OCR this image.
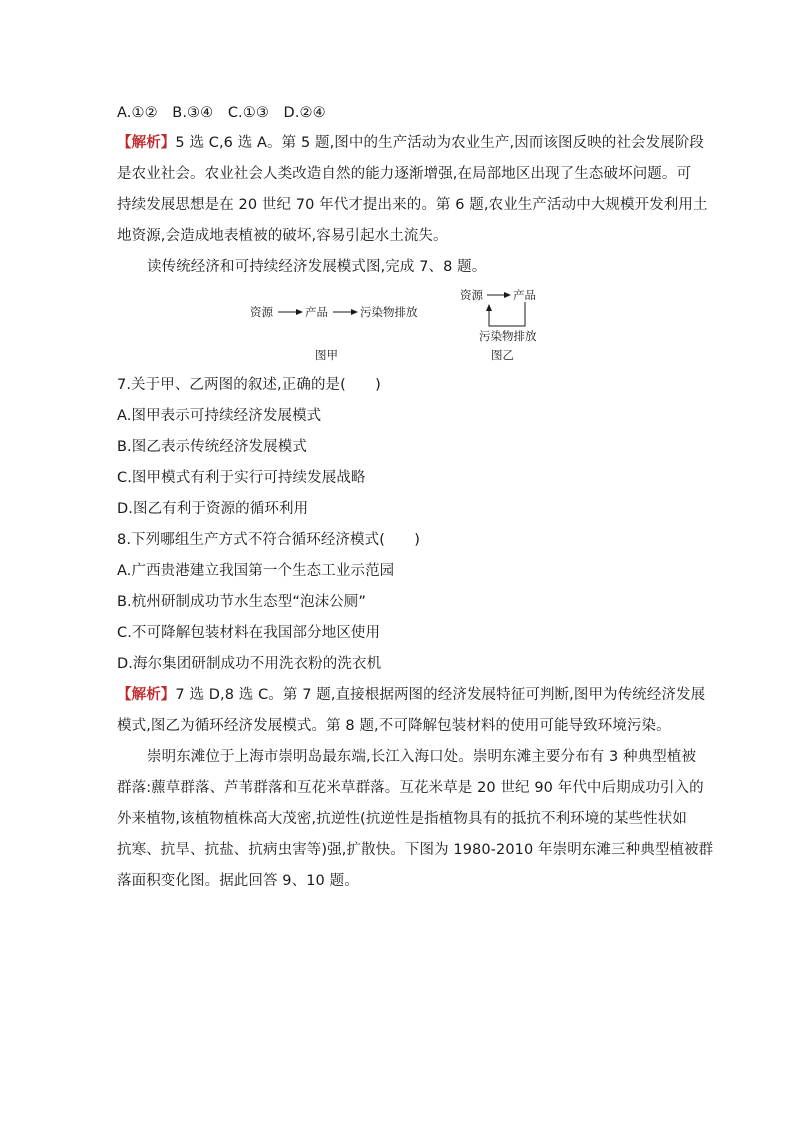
A.①②　B.③④　C.①③　D.②④
【解析】5 选 C,6 选 A。第 5 题,图中的生产活动为农业生产,因而该图反映的社会发展阶段
是农业社会。农业社会人类改造自然的能力逐渐增强,在局部地区出现了生态破坏问题。可
持续发展思想是在 20 世纪 70 年代才提出来的。第 6 题,农业生产活动中大规模开发利用土
地资源,会造成地表植被的破坏,容易引起水土流失。
读传统经济和可持续经济发展模式图,完成 7、8 题。
资源	产品	污染物排放
图甲
资源	产品
污染物排放
图乙
7.关于甲、乙两图的叙述,正确的是(　　)
A.图甲表示可持续经济发展模式
B.图乙表示传统经济发展模式
C.图甲模式有利于实行可持续发展战略
D.图乙有利于资源的循环利用
8.下列哪组生产方式不符合循环经济模式(　　)
A.广西贵港建立我国第一个生态工业示范园
B.杭州研制成功节水生态型“泡沫公厕”
C.不可降解包装材料在我国部分地区使用
D.海尔集团研制成功不用洗衣粉的洗衣机
【解析】7 选 D,8 选 C。第 7 题,直接根据两图的经济发展特征可判断,图甲为传统经济发展
模式,图乙为循环经济发展模式。第 8 题,不可降解包装材料的使用可能导致环境污染。
崇明东滩位于上海市崇明岛最东端,长江入海口处。崇明东滩主要分布有 3 种典型植被
群落:藨草群落、芦苇群落和互花米草群落。互花米草是 20 世纪 90 年代中后期成功引入的
外来植物,该植物植株高大茂密,抗逆性(抗逆性是指植物具有的抵抗不利环境的某些性状如
抗寒、抗旱、抗盐、抗病虫害等)强,扩散快。下图为 1980-2010 年崇明东滩三种典型植被群
落面积变化图。据此回答 9、10 题。
